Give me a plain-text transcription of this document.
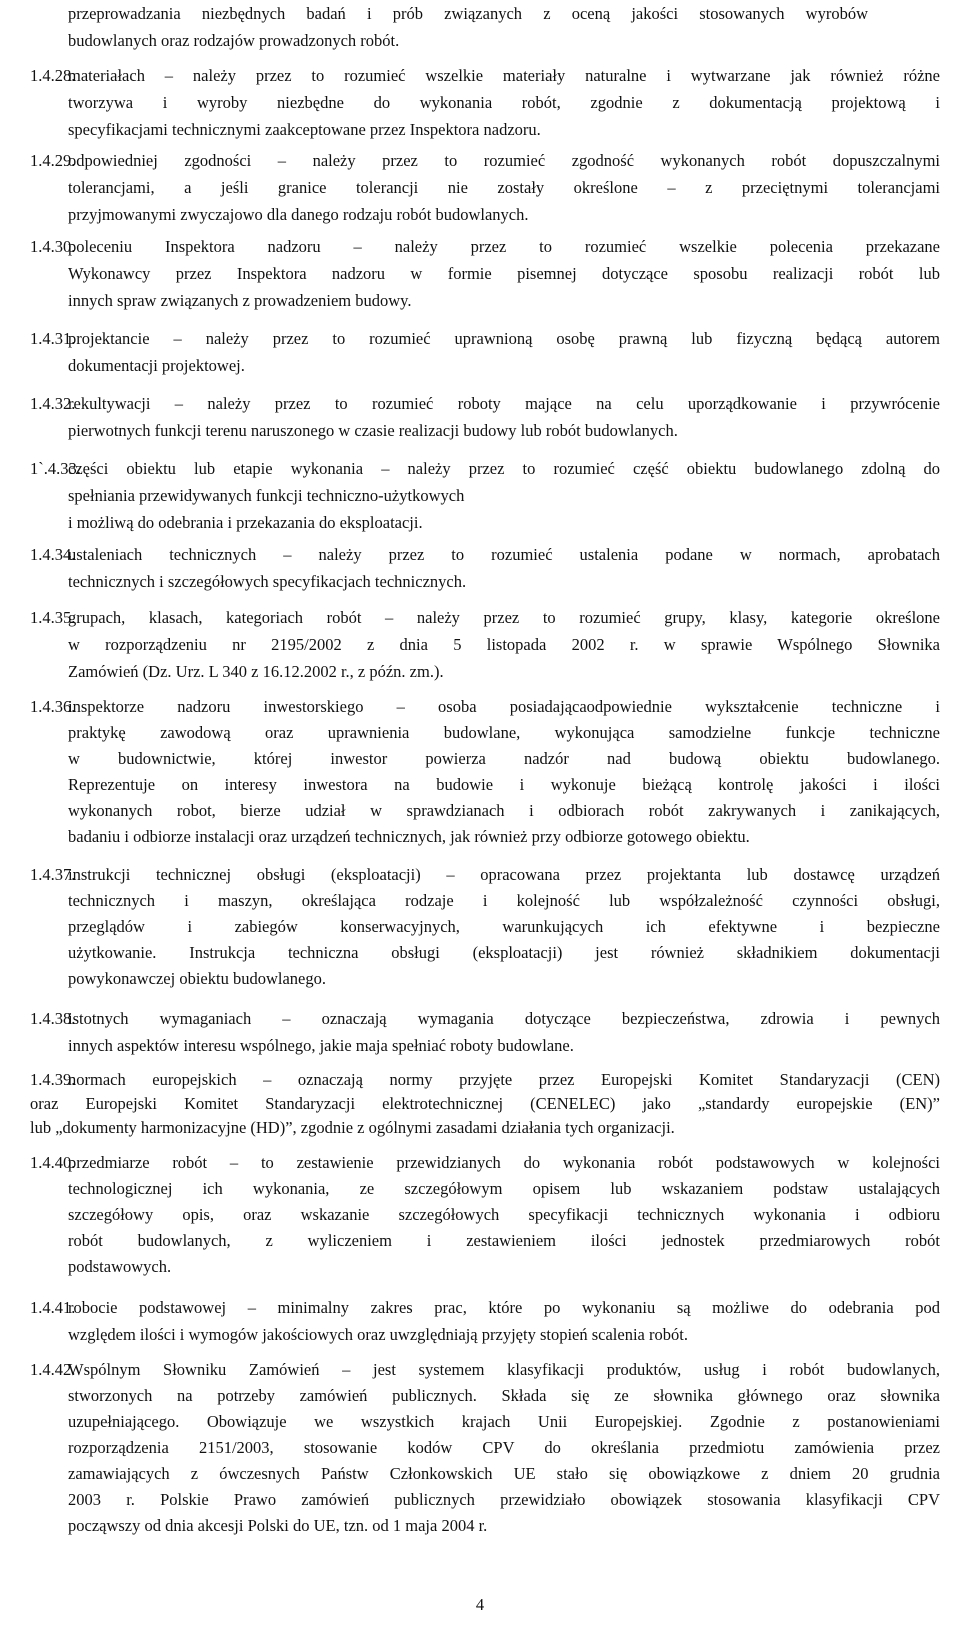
przeprowadzania niezbędnych badań i prób związanych z oceną jakości stosowanych wyrobów
budowlanych oraz rodzajów prowadzonych robót.
1.4.28.
materiałach – należy przez to rozumieć wszelkie materiały naturalne i wytwarzane jak również różne
tworzywa i wyroby niezbędne do wykonania robót, zgodnie z dokumentacją projektową i
specyfikacjami technicznymi zaakceptowane przez Inspektora nadzoru.
1.4.29.
odpowiedniej zgodności – należy przez to rozumieć zgodność wykonanych robót dopuszczalnymi
tolerancjami, a jeśli granice tolerancji nie zostały określone – z przeciętnymi tolerancjami
przyjmowanymi zwyczajowo dla danego rodzaju robót budowlanych.
1.4.30.
poleceniu Inspektora nadzoru – należy przez to rozumieć wszelkie polecenia przekazane
Wykonawcy przez Inspektora nadzoru w formie pisemnej dotyczące sposobu realizacji robót lub
innych spraw związanych z prowadzeniem budowy.
1.4.31.
projektancie – należy przez to rozumieć uprawnioną osobę prawną lub fizyczną będącą autorem
dokumentacji projektowej.
1.4.32.
rekultywacji – należy przez to rozumieć roboty mające na celu uporządkowanie i przywrócenie
pierwotnych funkcji terenu naruszonego w czasie realizacji budowy lub robót budowlanych.
1`.4.33.
części obiektu lub etapie wykonania – należy przez to rozumieć część obiektu budowlanego zdolną do
spełniania przewidywanych funkcji techniczno-użytkowych
i możliwą do odebrania i przekazania do eksploatacji.
1.4.34.
ustaleniach technicznych – należy przez to rozumieć ustalenia podane w normach, aprobatach
technicznych i szczegółowych specyfikacjach technicznych.
1.4.35.
grupach, klasach, kategoriach robót – należy przez to rozumieć grupy, klasy, kategorie określone
w rozporządzeniu nr 2195/2002 z dnia 5 listopada 2002 r. w sprawie Wspólnego Słownika
Zamówień (Dz. Urz. L 340 z 16.12.2002 r., z późn. zm.).
1.4.36.
inspektorze nadzoru inwestorskiego – osoba posiadającaodpowiednie wykształcenie techniczne i
praktykę zawodową oraz uprawnienia budowlane, wykonująca samodzielne funkcje techniczne
w budownictwie, której inwestor powierza nadzór nad budową obiektu budowlanego.
Reprezentuje on interesy inwestora na budowie i wykonuje bieżącą kontrolę jakości i ilości
wykonanych robot, bierze udział w sprawdzianach i odbiorach robót zakrywanych i zanikających,
badaniu i odbiorze instalacji oraz urządzeń technicznych, jak również przy odbiorze gotowego obiektu.
1.4.37.
instrukcji technicznej obsługi (eksploatacji) – opracowana przez projektanta lub dostawcę urządzeń
technicznych i maszyn, określająca rodzaje i kolejność lub współzależność czynności obsługi,
przeglądów i zabiegów konserwacyjnych, warunkujących ich efektywne i bezpieczne
użytkowanie. Instrukcja techniczna obsługi (eksploatacji) jest również składnikiem dokumentacji
powykonawczej obiektu budowlanego.
1.4.38.
istotnych wymaganiach – oznaczają wymagania dotyczące bezpieczeństwa, zdrowia i pewnych
innych aspektów interesu wspólnego, jakie maja spełniać roboty budowlane.
1.4.39.
normach europejskich – oznaczają normy przyjęte przez Europejski Komitet Standaryzacji (CEN)
oraz Europejski Komitet Standaryzacji elektrotechnicznej (CENELEC) jako „standardy europejskie (EN)”
lub „dokumenty harmonizacyjne (HD)”, zgodnie z ogólnymi zasadami działania tych organizacji.
1.4.40.
przedmiarze robót – to zestawienie przewidzianych do wykonania robót podstawowych w kolejności
technologicznej ich wykonania, ze szczegółowym opisem lub wskazaniem podstaw ustalających
szczegółowy opis, oraz wskazanie szczegółowych specyfikacji technicznych wykonania i odbioru
robót budowlanych, z wyliczeniem i zestawieniem ilości jednostek przedmiarowych robót
podstawowych.
1.4.41.
robocie podstawowej – minimalny zakres prac, które po wykonaniu są możliwe do odebrania pod
względem ilości i wymogów jakościowych oraz uwzględniają przyjęty stopień scalenia robót.
1.4.42.
Wspólnym Słowniku Zamówień – jest systemem klasyfikacji produktów, usług i robót budowlanych,
stworzonych na potrzeby zamówień publicznych. Składa się ze słownika głównego oraz słownika
uzupełniającego. Obowiązuje we wszystkich krajach Unii Europejskiej. Zgodnie z postanowieniami
rozporządzenia 2151/2003, stosowanie kodów CPV do określania przedmiotu zamówienia przez
zamawiających z ówczesnych Państw Członkowskich UE stało się obowiązkowe z dniem 20 grudnia
2003 r. Polskie Prawo zamówień publicznych przewidziało obowiązek stosowania klasyfikacji CPV
począwszy od dnia akcesji Polski do UE, tzn. od 1 maja 2004 r.
4
